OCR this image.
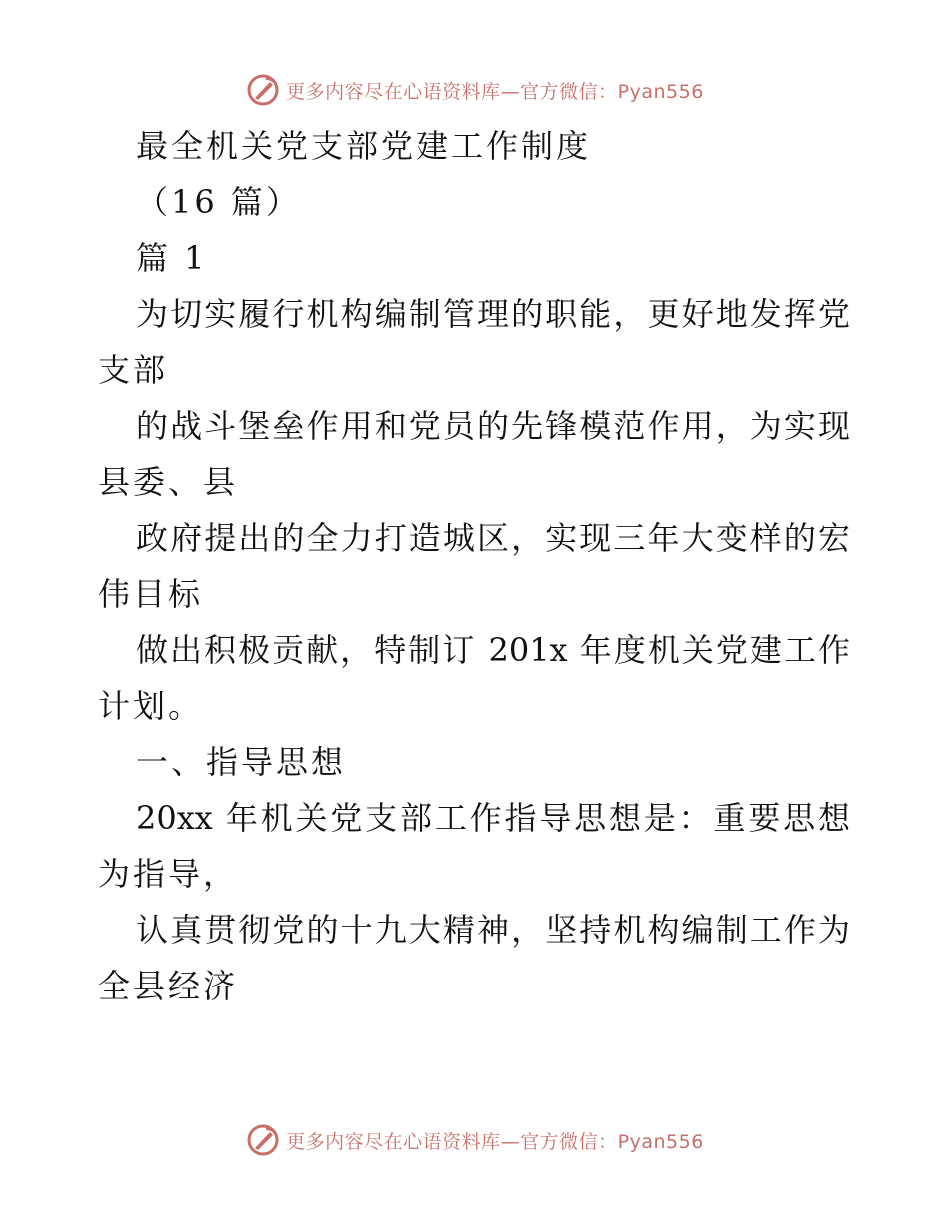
更多内容尽在心语资料库—官方微信：Pyan556
最全机关党支部党建工作制度
（16 篇）
篇 1
为切实履行机构编制管理的职能，更好地发挥党
支部
的战斗堡垒作用和党员的先锋模范作用，为实现
县委、县
政府提出的全力打造城区，实现三年大变样的宏
伟目标
做出积极贡献，特制订 201x 年度机关党建工作
计划。
一、指导思想
20xx 年机关党支部工作指导思想是：重要思想
为指导，
认真贯彻党的十九大精神，坚持机构编制工作为
全县经济
更多内容尽在心语资料库—官方微信：Pyan556
